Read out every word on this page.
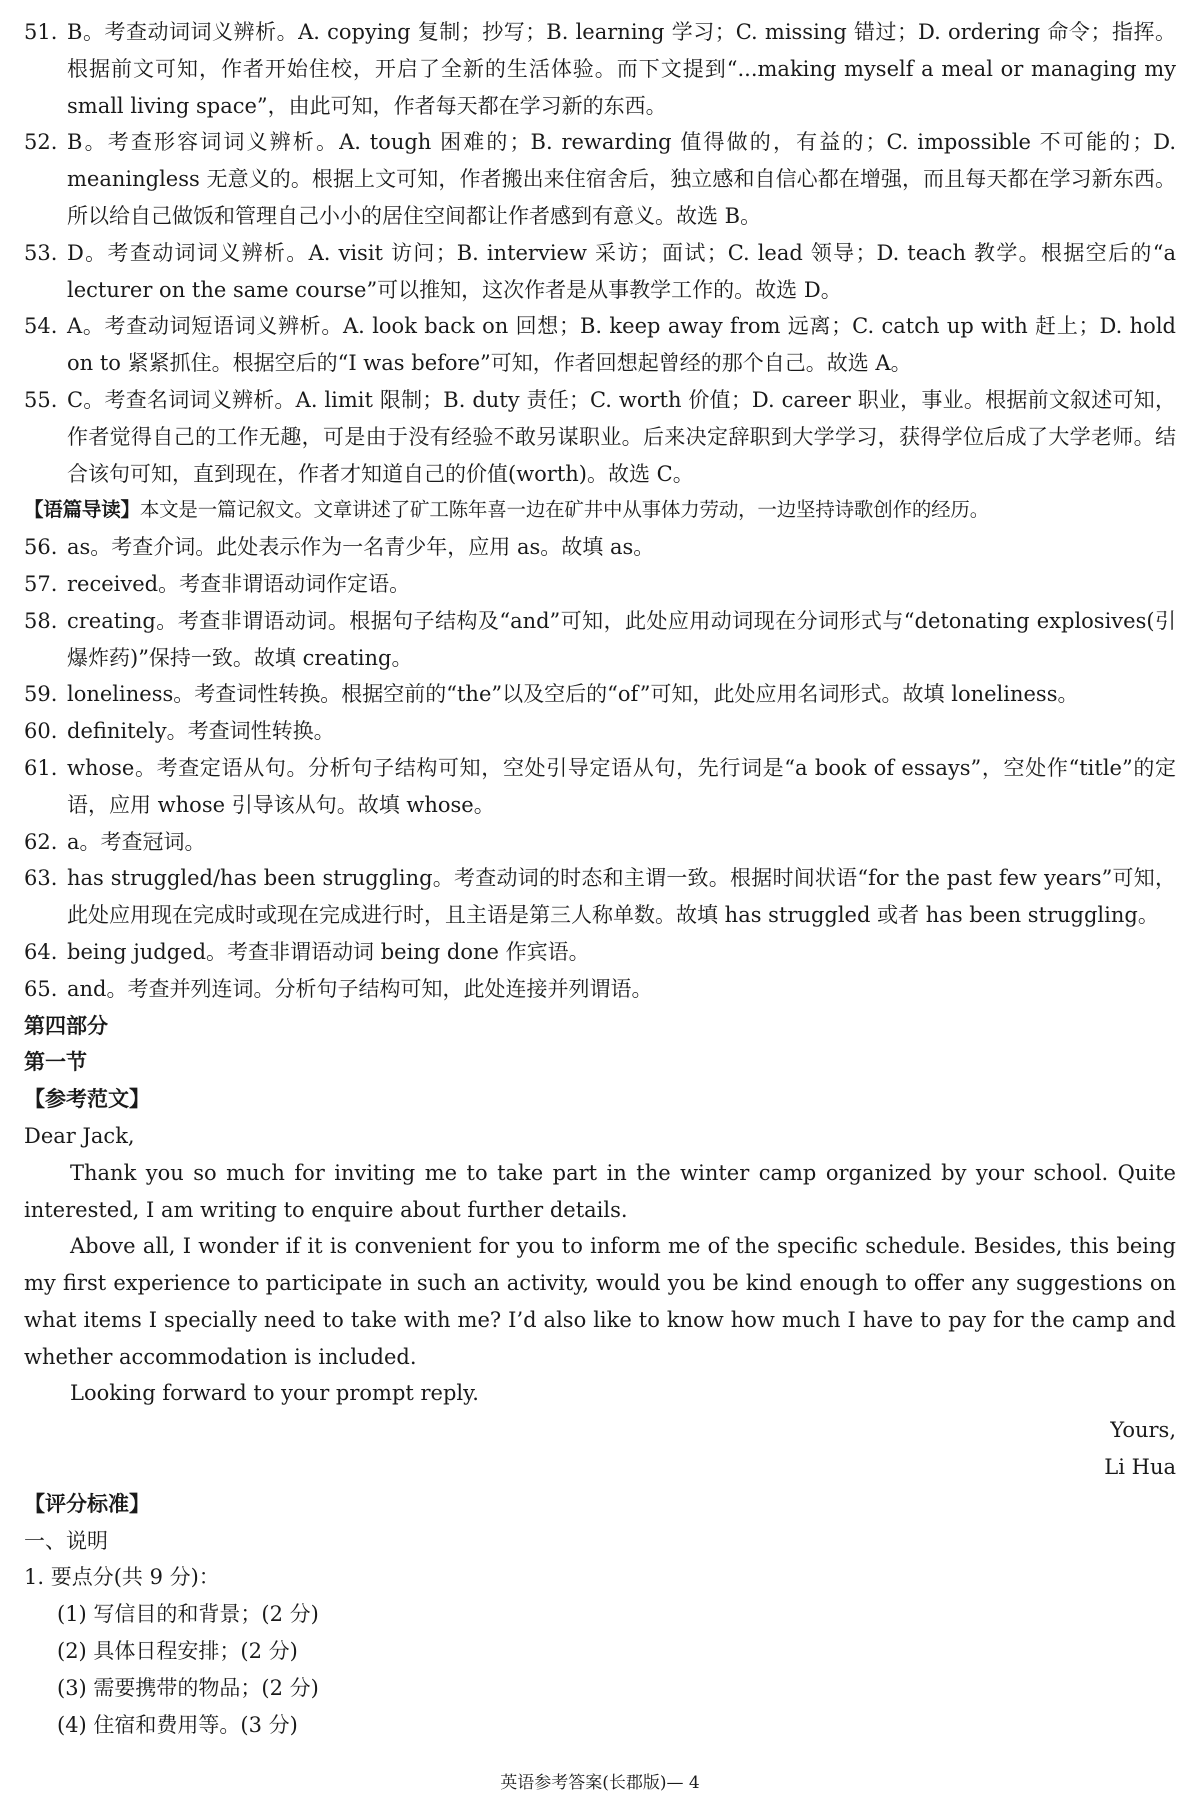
51. B。考查动词词义辨析。A. copying 复制；抄写；B. learning 学习；C. missing 错过；D. ordering 命令；指挥。根据前文可知，作者开始住校，开启了全新的生活体验。而下文提到“...making myself a meal or managing my small living space”，由此可知，作者每天都在学习新的东西。
52. B。考查形容词词义辨析。A. tough 困难的；B. rewarding 值得做的，有益的；C. impossible 不可能的；D. meaningless 无意义的。根据上文可知，作者搬出来住宿舍后，独立感和自信心都在增强，而且每天都在学习新东西。所以给自己做饭和管理自己小小的居住空间都让作者感到有意义。故选 B。
53. D。考查动词词义辨析。A. visit 访问；B. interview 采访；面试；C. lead 领导；D. teach 教学。根据空后的“a lecturer on the same course”可以推知，这次作者是从事教学工作的。故选 D。
54. A。考查动词短语词义辨析。A. look back on 回想；B. keep away from 远离；C. catch up with 赶上；D. hold on to 紧紧抓住。根据空后的“I was before”可知，作者回想起曾经的那个自己。故选 A。
55. C。考查名词词义辨析。A. limit 限制；B. duty 责任；C. worth 价值；D. career 职业，事业。根据前文叙述可知，作者觉得自己的工作无趣，可是由于没有经验不敢另谋职业。后来决定辞职到大学学习，获得学位后成了大学老师。结合该句可知，直到现在，作者才知道自己的价值(worth)。故选 C。
【语篇导读】本文是一篇记叙文。文章讲述了矿工陈年喜一边在矿井中从事体力劳动，一边坚持诗歌创作的经历。
56. as。考查介词。此处表示作为一名青少年，应用 as。故填 as。
57. received。考查非谓语动词作定语。
58. creating。考查非谓语动词。根据句子结构及“and”可知，此处应用动词现在分词形式与“detonating explosives(引爆炸药)”保持一致。故填 creating。
59. loneliness。考查词性转换。根据空前的“the”以及空后的“of”可知，此处应用名词形式。故填 loneliness。
60. definitely。考查词性转换。
61. whose。考查定语从句。分析句子结构可知，空处引导定语从句，先行词是“a book of essays”，空处作“title”的定语，应用 whose 引导该从句。故填 whose。
62. a。考查冠词。
63. has struggled/has been struggling。考查动词的时态和主谓一致。根据时间状语“for the past few years”可知，此处应用现在完成时或现在完成进行时，且主语是第三人称单数。故填 has struggled 或者 has been struggling。
64. being judged。考查非谓语动词 being done 作宾语。
65. and。考查并列连词。分析句子结构可知，此处连接并列谓语。
第四部分
第一节
【参考范文】
Dear Jack,
Thank you so much for inviting me to take part in the winter camp organized by your school. Quite interested, I am writing to enquire about further details.
Above all, I wonder if it is convenient for you to inform me of the specific schedule. Besides, this being my first experience to participate in such an activity, would you be kind enough to offer any suggestions on what items I specially need to take with me? I’d also like to know how much I have to pay for the camp and whether accommodation is included.
Looking forward to your prompt reply.
Yours,
Li Hua
【评分标准】
一、说明
1. 要点分(共 9 分)：
(1) 写信目的和背景；(2 分)
(2) 具体日程安排；(2 分)
(3) 需要携带的物品；(2 分)
(4) 住宿和费用等。(3 分)
英语参考答案(长郡版)— 4
